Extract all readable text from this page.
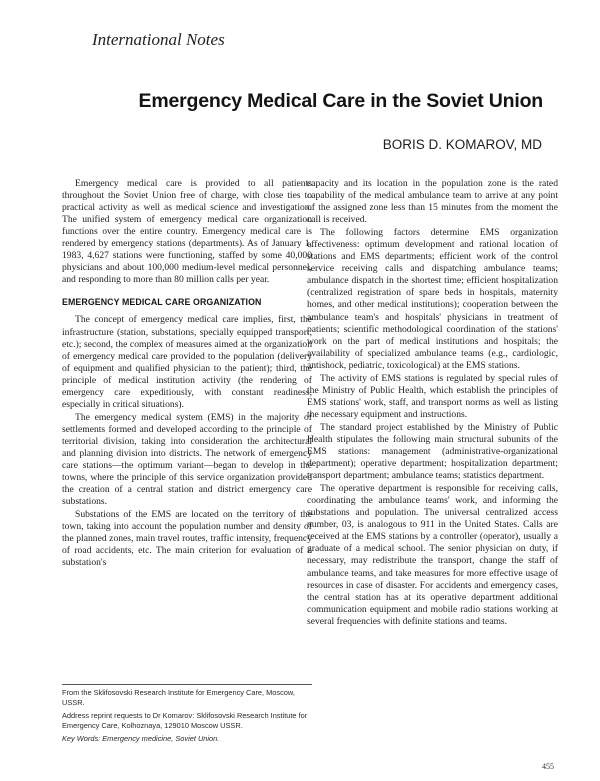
International Notes
Emergency Medical Care in the Soviet Union
BORIS D. KOMAROV, MD

Emergency medical care is provided to all patients throughout the Soviet Union free of charge, with close ties to practical activity as well as medical science and investigation. The unified system of emergency medical care organization functions over the entire country. Emergency medical care is rendered by emergency stations (departments). As of January 1, 1983, 4,627 stations were functioning, staffed by some 40,000 physicians and about 100,000 medium-level medical personnel, and responding to more than 80 million calls per year.

EMERGENCY MEDICAL CARE ORGANIZATION

The concept of emergency medical care implies, first, the infrastructure (station, substations, specially equipped transport, etc.); second, the complex of measures aimed at the organization of emergency medical care provided to the population (delivery of equipment and qualified physician to the patient); third, the principle of medical institution activity (the rendering of emergency care expeditiously, with constant readiness, especially in critical situations).

The emergency medical system (EMS) in the majority of settlements formed and developed according to the principle of territorial division, taking into consideration the architectural and planning division into districts. The network of emergency care stations—the optimum variant—began to develop in the towns, where the principle of this service organization provided the creation of a central station and district emergency care substations.

Substations of the EMS are located on the territory of the town, taking into account the population number and density of the planned zones, main travel routes, traffic intensity, frequency of road accidents, etc. The main criterion for evaluation of a substation's

capacity and its location in the population zone is the rated capability of the medical ambulance team to arrive at any point of the assigned zone less than 15 minutes from the moment the call is received.

The following factors determine EMS organization effectiveness: optimum development and rational location of stations and EMS departments; efficient work of the control service receiving calls and dispatching ambulance teams; ambulance dispatch in the shortest time; efficient hospitalization (centralized registration of spare beds in hospitals, maternity homes, and other medical institutions); cooperation between the ambulance team's and hospitals' physicians in treatment of patients; scientific methodological coordination of the stations' work on the part of medical institutions and hospitals; the availability of specialized ambulance teams (e.g., cardiologic, antishock, pediatric, toxicological) at the EMS stations.

The activity of EMS stations is regulated by special rules of the Ministry of Public Health, which establish the principles of EMS stations' work, staff, and transport norms as well as listing the necessary equipment and instructions.

The standard project established by the Ministry of Public Health stipulates the following main structural subunits of the EMS stations: management (administrative-organizational department); operative department; hospitalization department; transport department; ambulance teams; statistics department.

The operative department is responsible for receiving calls, coordinating the ambulance teams' work, and informing the substations and population. The universal centralized access number, 03, is analogous to 911 in the United States. Calls are received at the EMS stations by a controller (operator), usually a graduate of a medical school. The senior physician on duty, if necessary, may redistribute the transport, change the staff of ambulance teams, and take measures for more effective usage of resources in case of disaster. For accidents and emergency cases, the central station has at its operative department additional communication equipment and mobile radio stations working at several frequencies with definite stations and teams.

From the Sklifosovski Research Institute for Emergency Care, Moscow, USSR.

Address reprint requests to Dr Komarov: Sklifosovski Research Institute for Emergency Care, Kolhoznaya, 129010 Moscow USSR.

Key Words: Emergency medicine, Soviet Union.

455
